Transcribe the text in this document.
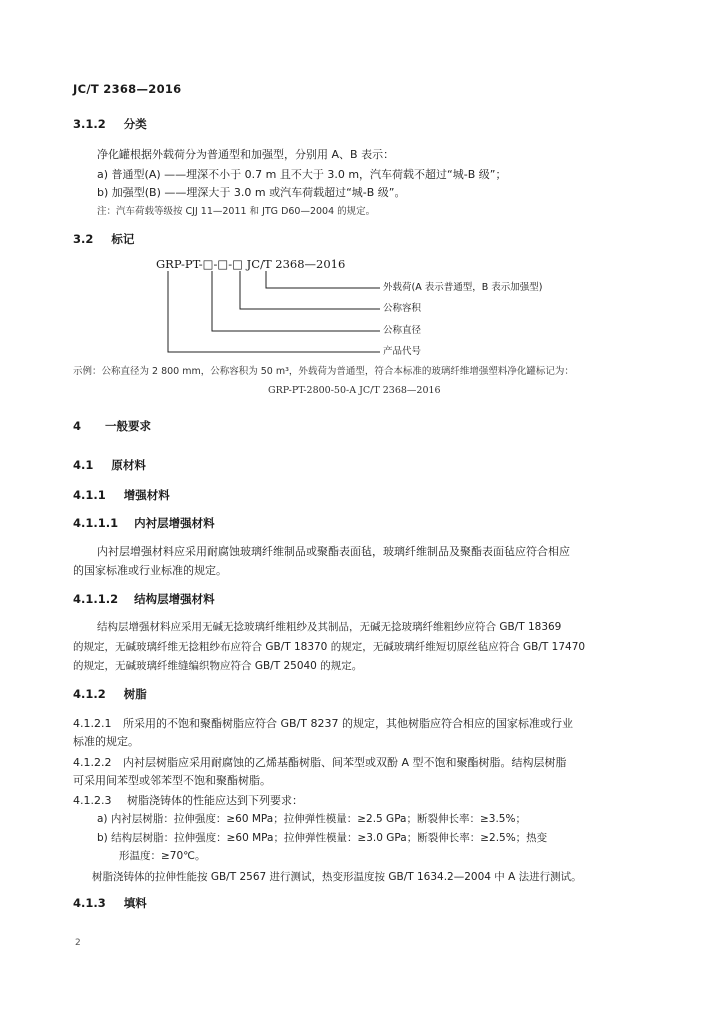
JC/T 2368—2016
3.1.2 分类
净化罐根据外载荷分为普通型和加强型，分别用 A、B 表示：
a) 普通型(A) ——埋深不小于 0.7 m 且不大于 3.0 m，汽车荷载不超过“城-B 级”；
b) 加强型(B) ——埋深大于 3.0 m 或汽车荷载超过“城-B 级”。
注：汽车荷载等级按 CJJ 11—2011 和 JTG D60—2004 的规定。
3.2 标记
GRP-PT-□-□-□ JC/T 2368—2016
外载荷(A 表示普通型，B 表示加强型)
公称容积
公称直径
产品代号
示例：公称直径为 2 800 mm，公称容积为 50 m³，外载荷为普通型，符合本标准的玻璃纤维增强塑料净化罐标记为：
GRP-PT-2800-50-A JC/T 2368—2016
4 一般要求
4.1 原材料
4.1.1 增强材料
4.1.1.1 内衬层增强材料
内衬层增强材料应采用耐腐蚀玻璃纤维制品或聚酯表面毡，玻璃纤维制品及聚酯表面毡应符合相应
的国家标准或行业标准的规定。
4.1.1.2 结构层增强材料
结构层增强材料应采用无碱无捻玻璃纤维粗纱及其制品，无碱无捻玻璃纤维粗纱应符合 GB/T 18369
的规定，无碱玻璃纤维无捻粗纱布应符合 GB/T 18370 的规定，无碱玻璃纤维短切原丝毡应符合 GB/T 17470
的规定，无碱玻璃纤维缝编织物应符合 GB/T 25040 的规定。
4.1.2 树脂
4.1.2.1 所采用的不饱和聚酯树脂应符合 GB/T 8237 的规定，其他树脂应符合相应的国家标准或行业
标准的规定。
4.1.2.2 内衬层树脂应采用耐腐蚀的乙烯基酯树脂、间苯型或双酚 A 型不饱和聚酯树脂。结构层树脂
可采用间苯型或邻苯型不饱和聚酯树脂。
4.1.2.3 树脂浇铸体的性能应达到下列要求：
a) 内衬层树脂：拉伸强度：≥60 MPa；拉伸弹性模量：≥2.5 GPa；断裂伸长率：≥3.5%；
b) 结构层树脂：拉伸强度：≥60 MPa；拉伸弹性模量：≥3.0 GPa；断裂伸长率：≥2.5%；热变
形温度：≥70℃。
树脂浇铸体的拉伸性能按 GB/T 2567 进行测试，热变形温度按 GB/T 1634.2—2004 中 A 法进行测试。
4.1.3 填料
2
